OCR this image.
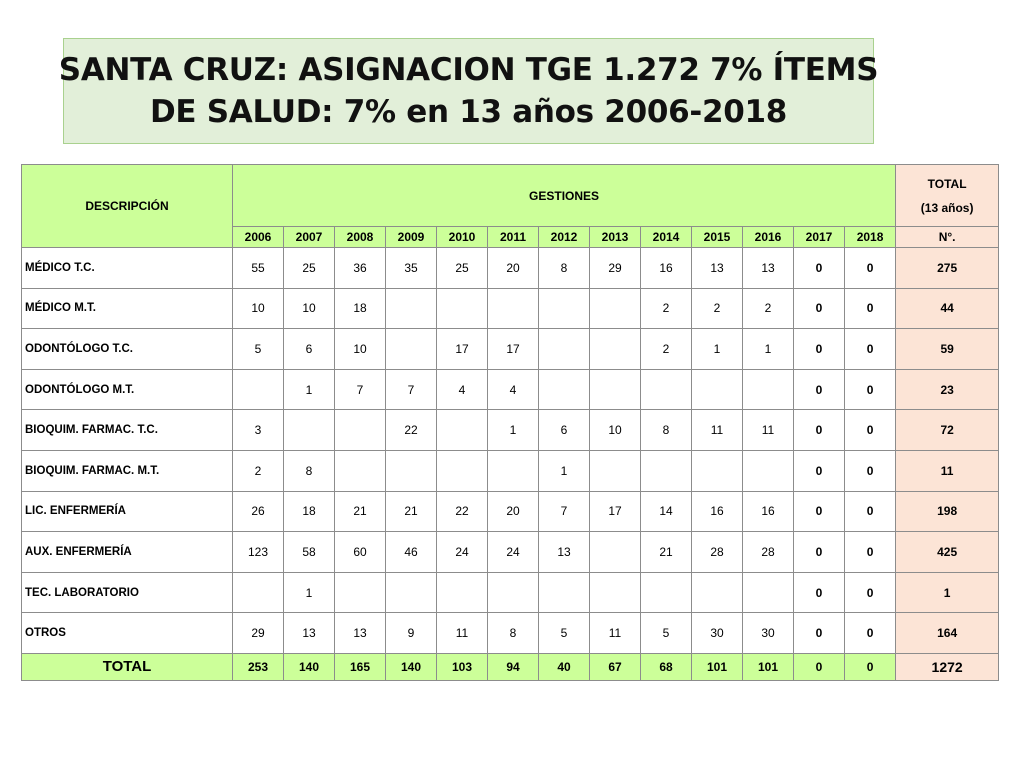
SANTA CRUZ: ASIGNACION TGE 1.272 7% ÍTEMS
DE SALUD: 7% en 13 años 2006-2018
DESCRIPCIÓN	GESTIONES													TOTAL
(13 años)

	2006	2007	2008	2009	2010	2011	2012	2013	2014	2015	2016	2017	2018	N°.
MÉDICO T.C.	55	25	36	35	25	20	8	29	16	13	13	0	0	275
MÉDICO M.T.	10	10	18						2	2	2	0	0	44
ODONTÓLOGO T.C.	5	6	10		17	17			2	1	1	0	0	59
ODONTÓLOGO M.T.		1	7	7	4	4						0	0	23
BIOQUIM. FARMAC. T.C.	3			22		1	6	10	8	11	11	0	0	72
BIOQUIM. FARMAC. M.T.	2	8					1					0	0	11
LIC. ENFERMERÍA	26	18	21	21	22	20	7	17	14	16	16	0	0	198
AUX. ENFERMERÍA	123	58	60	46	24	24	13		21	28	28	0	0	425
TEC. LABORATORIO		1										0	0	1
OTROS	29	13	13	9	11	8	5	11	5	30	30	0	0	164
TOTAL	253	140	165	140	103	94	40	67	68	101	101	0	0	1272
